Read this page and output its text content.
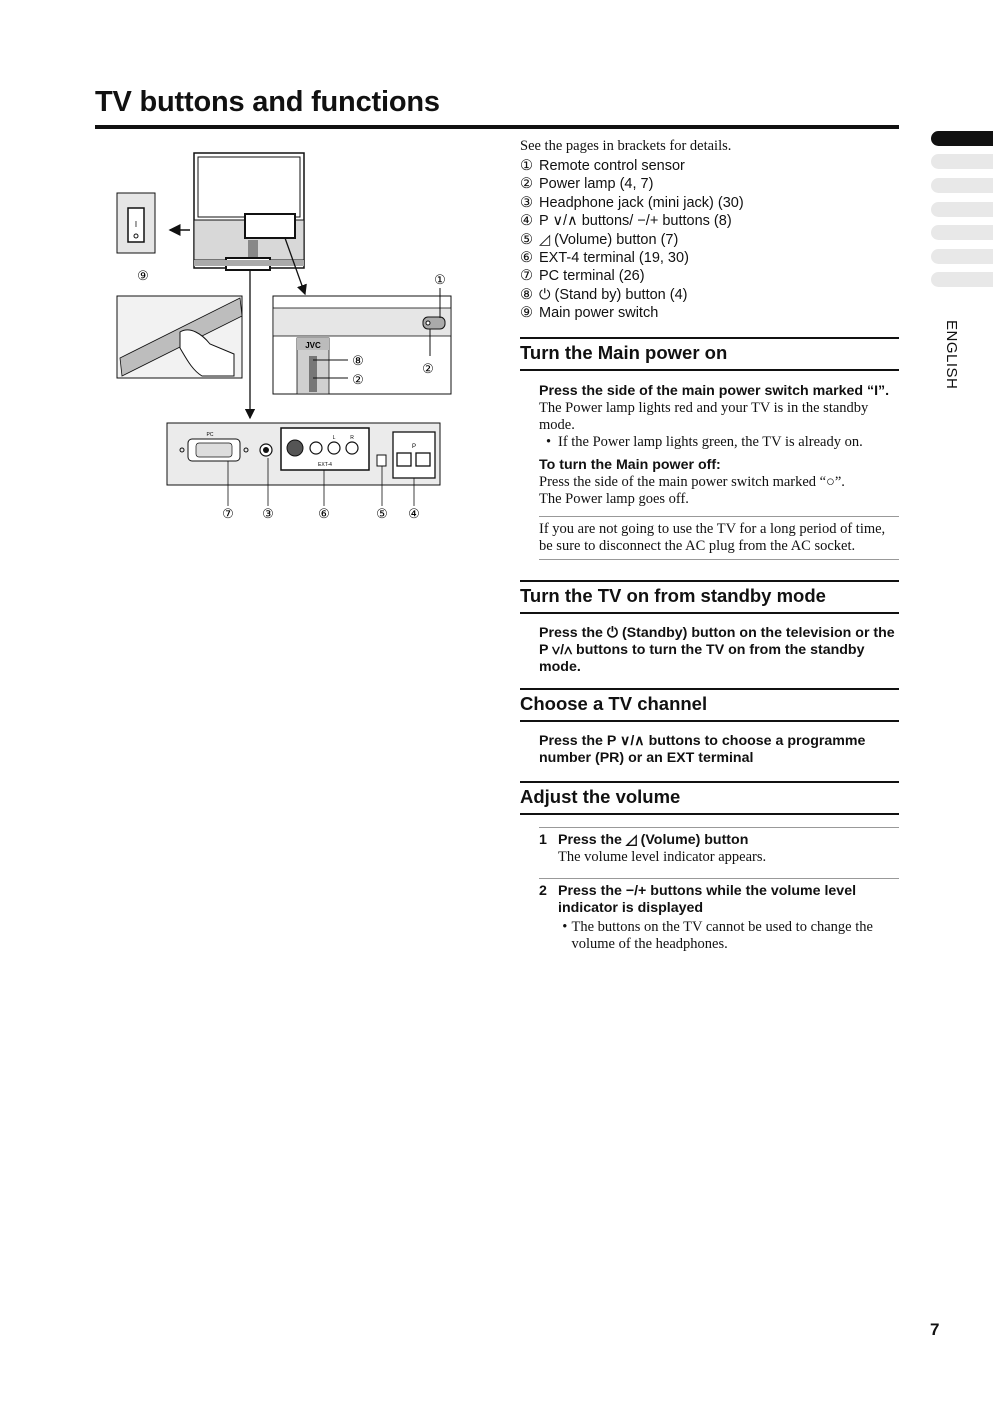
TV buttons and functions
ENGLISH
I
⑨
JVC
①
⑧
②
②
PC	L	R
EXT-4
P
⑦ ③	⑥	⑤ ④

See the pages in brackets for details.

① Remote control sensor
② Power lamp (4, 7)
③ Headphone jack (mini jack) (30)
④ P ∨/∧ buttons/ −/+ buttons (8)
⑤ ◿ (Volume) button (7)
⑥ EXT-4 terminal (19, 30)
⑦ PC terminal (26)
⑧ ⏻ (Stand by) button (4)
⑨ Main power switch
Turn the Main power on

Press the side of the main power switch marked “I”.

The Power lamp lights red and your TV is in the standby mode.

• If the Power lamp lights green, the TV is already on.

To turn the Main power off:

Press the side of the main power switch marked “○”.

The Power lamp goes off.

If you are not going to use the TV for a long period of time, be sure to disconnect the AC plug from the AC socket.

Turn the TV on from standby mode

Press the ⏻ (Standby) button on the television or the P ∨/∧ buttons to turn the TV on from the standby mode.

Choose a TV channel

Press the P ∨/∧ buttons to choose a programme number (PR) or an EXT terminal

Adjust the volume
1 Press the ◿ (Volume) button

The volume level indicator appears.

2 Press the −/+ buttons while the volume level indicator is displayed

• The buttons on the TV cannot be used to change the volume of the headphones.
7
